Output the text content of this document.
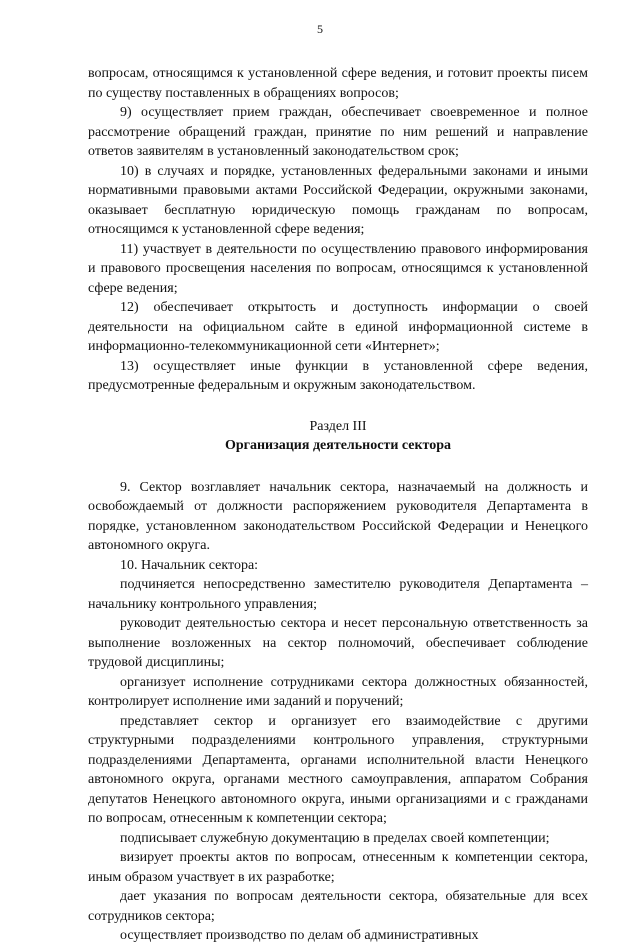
5

вопросам, относящимся к установленной сфере ведения, и готовит проекты писем по существу поставленных в обращениях вопросов;

9) осуществляет прием граждан, обеспечивает своевременное и полное рассмотрение обращений граждан, принятие по ним решений и направление ответов заявителям в установленный законодательством срок;

10) в случаях и порядке, установленных федеральными законами и иными нормативными правовыми актами Российской Федерации, окружными законами, оказывает бесплатную юридическую помощь гражданам по вопросам, относящимся к установленной сфере ведения;

11) участвует в деятельности по осуществлению правового информирования и правового просвещения населения по вопросам, относящимся к установленной сфере ведения;

12) обеспечивает открытость и доступность информации о своей деятельности на официальном сайте в единой информационной системе в информационно-телекоммуникационной сети «Интернет»;

13) осуществляет иные функции в установленной сфере ведения, предусмотренные федеральным и окружным законодательством.

Раздел III
Организация деятельности сектора

9. Сектор возглавляет начальник сектора, назначаемый на должность и освобождаемый от должности распоряжением руководителя Департамента в порядке, установленном законодательством Российской Федерации и Ненецкого автономного округа.

10. Начальник сектора:

подчиняется непосредственно заместителю руководителя Департамента – начальнику контрольного управления;

руководит деятельностью сектора и несет персональную ответственность за выполнение возложенных на сектор полномочий, обеспечивает соблюдение трудовой дисциплины;

организует исполнение сотрудниками сектора должностных обязанностей, контролирует исполнение ими заданий и поручений;

представляет сектор и организует его взаимодействие с другими структурными подразделениями контрольного управления, структурными подразделениями Департамента, органами исполнительной власти Ненецкого автономного округа, органами местного самоуправления, аппаратом Собрания депутатов Ненецкого автономного округа, иными организациями и с гражданами по вопросам, отнесенным к компетенции сектора;

подписывает служебную документацию в пределах своей компетенции;

визирует проекты актов по вопросам, отнесенным к компетенции сектора, иным образом участвует в их разработке;

дает указания по вопросам деятельности сектора, обязательные для всех сотрудников сектора;

осуществляет производство по делам об административных
